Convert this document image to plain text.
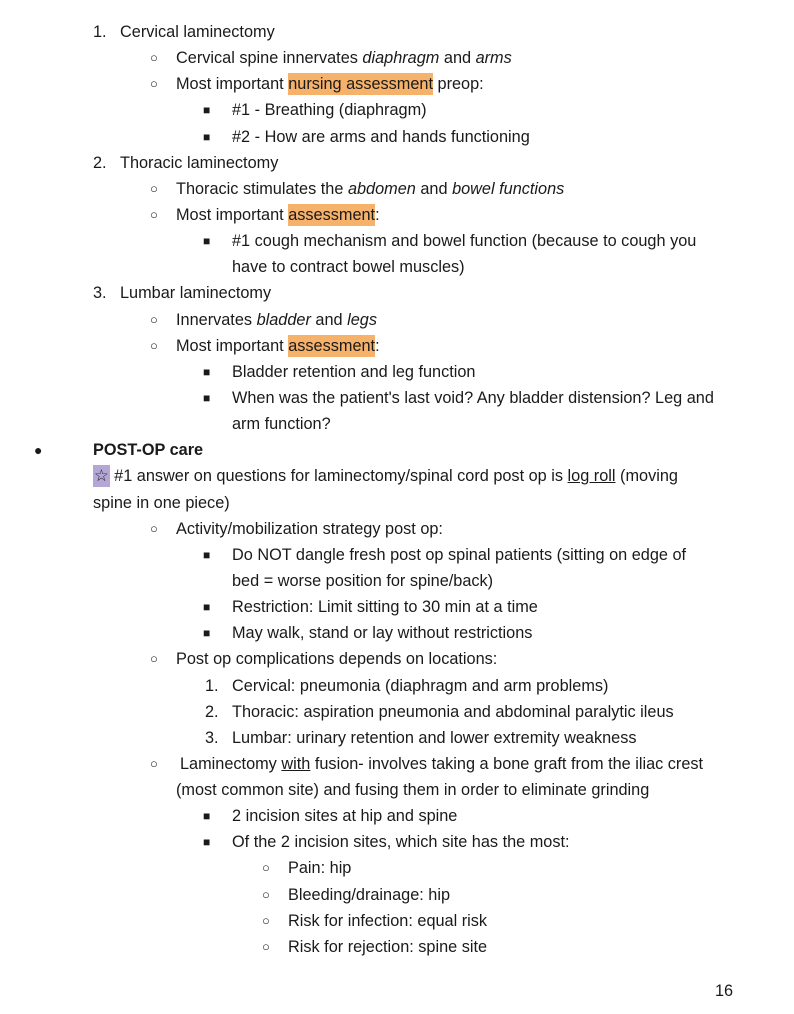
1. Cervical laminectomy
○ Cervical spine innervates diaphragm and arms
○ Most important nursing assessment preop:
■ #1 - Breathing (diaphragm)
■ #2 - How are arms and hands functioning
2. Thoracic laminectomy
○ Thoracic stimulates the abdomen and bowel functions
○ Most important assessment:
■ #1 cough mechanism and bowel function (because to cough you
have to contract bowel muscles)
3. Lumbar laminectomy
○ Innervates bladder and legs
○ Most important assessment:
■ Bladder retention and leg function
■ When was the patient's last void? Any bladder distension? Leg and
arm function?
●	POST-OP care
☆ #1 answer on questions for laminectomy/spinal cord post op is log roll (moving
spine in one piece)
○ Activity/mobilization strategy post op:
■ Do NOT dangle fresh post op spinal patients (sitting on edge of
bed = worse position for spine/back)
■ Restriction: Limit sitting to 30 min at a time
■ May walk, stand or lay without restrictions
○ Post op complications depends on locations:
1. Cervical: pneumonia (diaphragm and arm problems)
2. Thoracic: aspiration pneumonia and abdominal paralytic ileus
3. Lumbar: urinary retention and lower extremity weakness
○ Laminectomy with fusion- involves taking a bone graft from the iliac crest
(most common site) and fusing them in order to eliminate grinding
■ 2 incision sites at hip and spine
■ Of the 2 incision sites, which site has the most:
○ Pain: hip
○ Bleeding/drainage: hip
○ Risk for infection: equal risk
○ Risk for rejection: spine site
16
